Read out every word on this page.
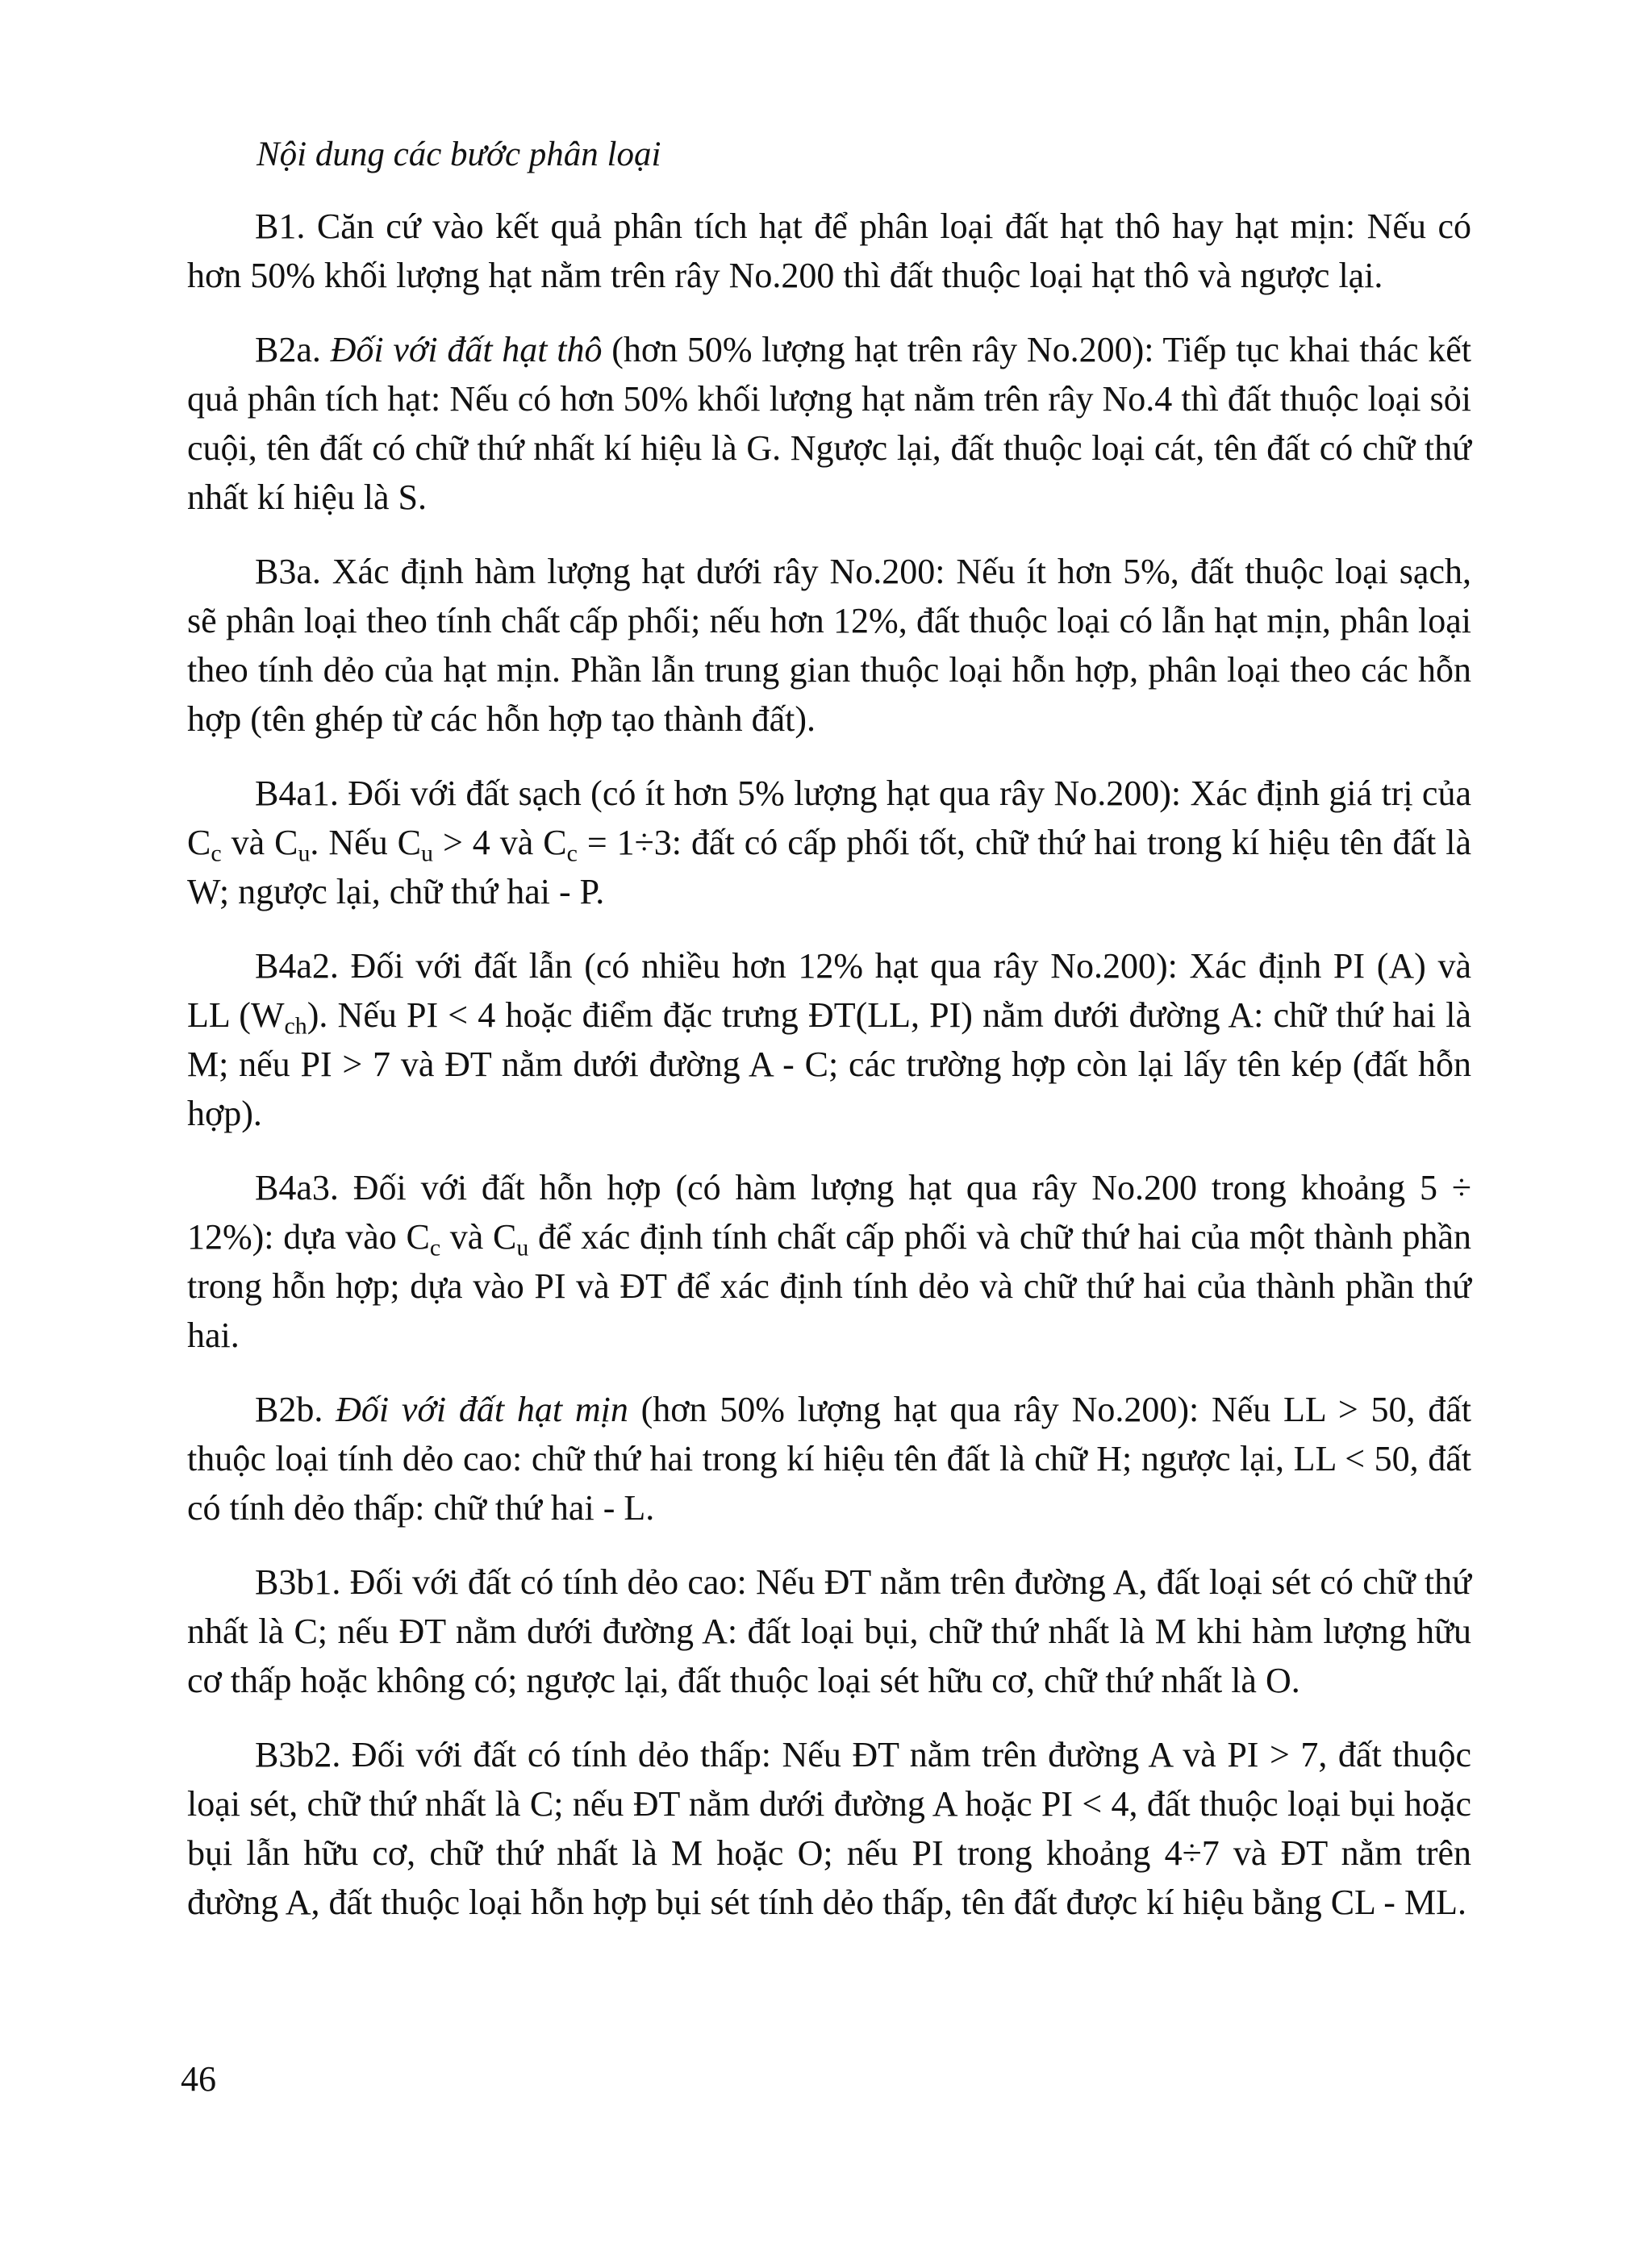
Nội dung các bước phân loại

B1. Căn cứ vào kết quả phân tích hạt để phân loại đất hạt thô hay hạt mịn: Nếu có hơn 50% khối lượng hạt nằm trên rây No.200 thì đất thuộc loại hạt thô và ngược lại.

B2a. Đối với đất hạt thô (hơn 50% lượng hạt trên rây No.200): Tiếp tục khai thác kết quả phân tích hạt: Nếu có hơn 50% khối lượng hạt nằm trên rây No.4 thì đất thuộc loại sỏi cuội, tên đất có chữ thứ nhất kí hiệu là G. Ngược lại, đất thuộc loại cát, tên đất có chữ thứ nhất kí hiệu là S.

B3a. Xác định hàm lượng hạt dưới rây No.200: Nếu ít hơn 5%, đất thuộc loại sạch, sẽ phân loại theo tính chất cấp phối; nếu hơn 12%, đất thuộc loại có lẫn hạt mịn, phân loại theo tính dẻo của hạt mịn. Phần lẫn trung gian thuộc loại hỗn hợp, phân loại theo các hỗn hợp (tên ghép từ các hỗn hợp tạo thành đất).

B4a1. Đối với đất sạch (có ít hơn 5% lượng hạt qua rây No.200): Xác định giá trị của $C_c$ và $C_u$. Nếu $C_u > 4$ và $C_c = 1\div 3$: đất có cấp phối tốt, chữ thứ hai trong kí hiệu tên đất là W; ngược lại, chữ thứ hai - P.

B4a2. Đối với đất lẫn (có nhiều hơn 12% hạt qua rây No.200): Xác định PI (A) và LL $(W_{ch})$. Nếu PI < 4 hoặc điểm đặc trưng ĐT(LL, PI) nằm dưới đường A: chữ thứ hai là M; nếu PI > 7 và ĐT nằm dưới đường A - C; các trường hợp còn lại lấy tên kép (đất hỗn hợp).

B4a3. Đối với đất hỗn hợp (có hàm lượng hạt qua rây No.200 trong khoảng 5 ÷ 12%): dựa vào $C_c$ và $C_u$ để xác định tính chất cấp phối và chữ thứ hai của một thành phần trong hỗn hợp; dựa vào PI và ĐT để xác định tính dẻo và chữ thứ hai của thành phần thứ hai.

B2b. Đối với đất hạt mịn (hơn 50% lượng hạt qua rây No.200): Nếu LL > 50, đất thuộc loại tính dẻo cao: chữ thứ hai trong kí hiệu tên đất là chữ H; ngược lại, LL < 50, đất có tính dẻo thấp: chữ thứ hai - L.

B3b1. Đối với đất có tính dẻo cao: Nếu ĐT nằm trên đường A, đất loại sét có chữ thứ nhất là C; nếu ĐT nằm dưới đường A: đất loại bụi, chữ thứ nhất là M khi hàm lượng hữu cơ thấp hoặc không có; ngược lại, đất thuộc loại sét hữu cơ, chữ thứ nhất là O.

B3b2. Đối với đất có tính dẻo thấp: Nếu ĐT nằm trên đường A và PI > 7, đất thuộc loại sét, chữ thứ nhất là C; nếu ĐT nằm dưới đường A hoặc PI < 4, đất thuộc loại bụi hoặc bụi lẫn hữu cơ, chữ thứ nhất là M hoặc O; nếu PI trong khoảng 4÷7 và ĐT nằm trên đường A, đất thuộc loại hỗn hợp bụi sét tính dẻo thấp, tên đất được kí hiệu bằng CL - ML.

46
